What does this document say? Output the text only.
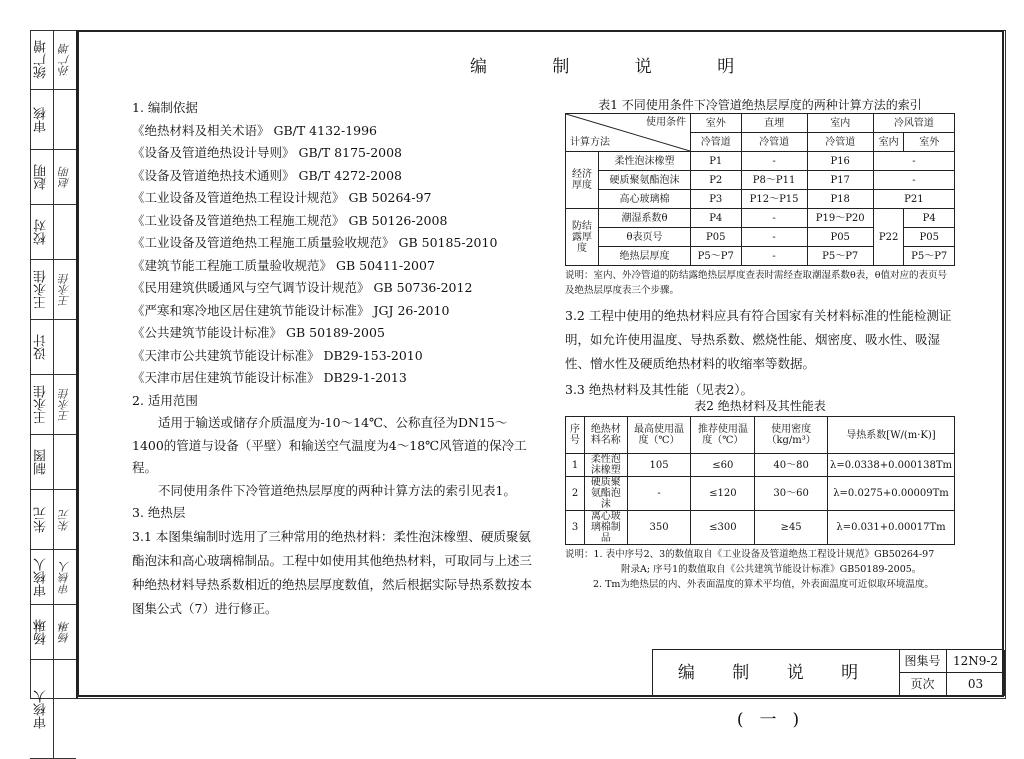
统广增 孙广增
审核
赵明 赵明
校对
王永佳 王永佳
设计
王永佳 王永佳
制图
朱元 朱元
审核人 审核人
杨琳 杨琳
审核人
编 制 说 明

1. 编制依据

《绝热材料及相关术语》 GB/T 4132-1996

《设备及管道绝热设计导则》 GB/T 8175-2008

《设备及管道绝热技术通则》 GB/T 4272-2008

《工业设备及管道绝热工程设计规范》 GB 50264-97

《工业设备及管道绝热工程施工规范》 GB 50126-2008

《工业设备及管道绝热工程施工质量验收规范》 GB 50185-2010

《建筑节能工程施工质量验收规范》 GB 50411-2007

《民用建筑供暖通风与空气调节设计规范》 GB 50736-2012

《严寒和寒冷地区居住建筑节能设计标准》 JGJ 26-2010

《公共建筑节能设计标准》 GB 50189-2005

《天津市公共建筑节能设计标准》 DB29-153-2010

《天津市居住建筑节能设计标准》 DB29-1-2013

2. 适用范围

适用于输送或储存介质温度为-10～14℃、公称直径为DN15～1400的管道与设备（平壁）和输送空气温度为4～18℃风管道的保冷工程。

不同使用条件下冷管道绝热层厚度的两种计算方法的索引见表1。

3. 绝热层

3.1 本图集编制时选用了三种常用的绝热材料：柔性泡沫橡塑、硬质聚氨酯泡沫和高心玻璃棉制品。工程中如使用其他绝热材料，可取同与上述三种绝热材料导热系数相近的绝热层厚度数值，然后根据实际导热系数按本图集公式（7）进行修正。

表1 不同使用条件下冷管道绝热层厚度的两种计算方法的索引

使用条件
计算方法		室外	直埋	室内	冷风管道	
		冷管道	冷管道	冷管道	室内	室外
经济厚度	柔性泡沫橡塑	P1	-	P16	-	
	硬质聚氨酯泡沫	P2	P8～P11	P17	-	
	高心玻璃棉	P3	P12～P15	P18	P21	
防结露厚度	潮湿系数θ	P4	-	P19～P20	P22	P4
	θ表页号	P05	-	P05		P05
	绝热层厚度	P5～P7	-	P5～P7		P5～P7

说明：室内、外冷管道的防结露绝热层厚度查表时需经查取潮湿系数θ表，θ值对应的表页号及绝热层厚度表三个步骤。

3.2 工程中使用的绝热材料应具有符合国家有关材料标准的性能检测证明，如允许使用温度、导热系数、燃烧性能、烟密度、吸水性、吸湿性、憎水性及硬质绝热材料的收缩率等数据。

3.3 绝热材料及其性能（见表2）。

表2 绝热材料及其性能表

序号	绝热材料名称	最高使用温度（℃）	推荐使用温度（℃）	使用密度（kg/m³）	导热系数[W/(m·K)]
1	柔性泡沫橡塑	105	≤60	40～80	λ=0.0338+0.000138Tm
2	硬质聚氨酯泡沫	-	≤120	30～60	λ=0.0275+0.00009Tm
3	离心玻璃棉制品	350	≤300	≥45	λ=0.031+0.00017Tm

说明：1. 表中序号2、3的数值取自《工业设备及管道绝热工程设计规范》GB50264-97

附录A; 序号1的数值取自《公共建筑节能设计标准》GB50189-2005。

2. Tm为绝热层的内、外表面温度的算术平均值，外表面温度可近似取环境温度。

编 制 说 明(一)
图集号	12N9-2
页次	03
